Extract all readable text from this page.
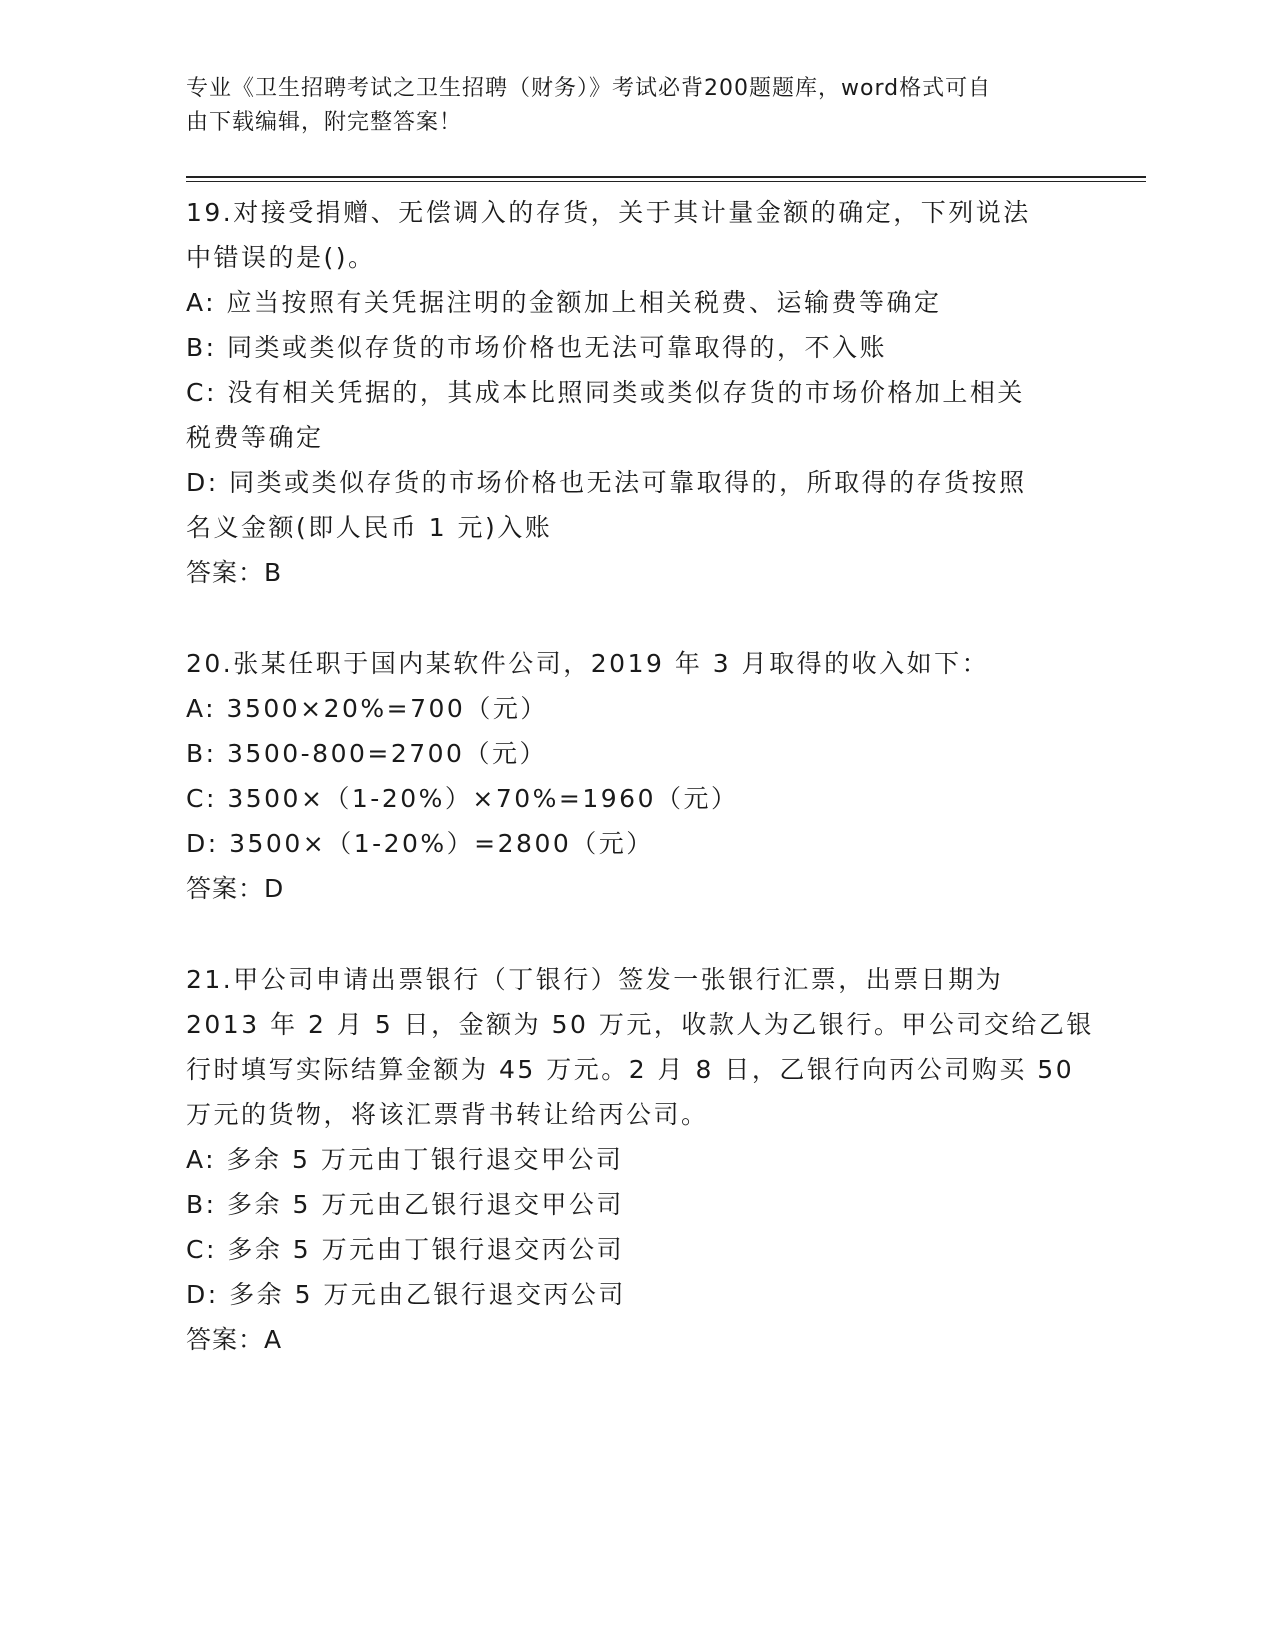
专业《卫生招聘考试之卫生招聘（财务）》考试必背200题题库，word格式可自
由下载编辑，附完整答案！
19.对接受捐赠、无偿调入的存货，关于其计量金额的确定，下列说法
中错误的是()。
A: 应当按照有关凭据注明的金额加上相关税费、运输费等确定
B: 同类或类似存货的市场价格也无法可靠取得的，不入账
C: 没有相关凭据的，其成本比照同类或类似存货的市场价格加上相关
税费等确定
D: 同类或类似存货的市场价格也无法可靠取得的，所取得的存货按照
名义金额(即人民币 1 元)入账
答案：B
20.张某任职于国内某软件公司，2019 年 3 月取得的收入如下：
A: 3500×20%=700（元）
B: 3500-800=2700（元）
C: 3500×（1-20%）×70%=1960（元）
D: 3500×（1-20%）=2800（元）
答案：D
21.甲公司申请出票银行（丁银行）签发一张银行汇票，出票日期为
2013 年 2 月 5 日，金额为 50 万元，收款人为乙银行。甲公司交给乙银
行时填写实际结算金额为 45 万元。2 月 8 日，乙银行向丙公司购买 50
万元的货物，将该汇票背书转让给丙公司。
A: 多余 5 万元由丁银行退交甲公司
B: 多余 5 万元由乙银行退交甲公司
C: 多余 5 万元由丁银行退交丙公司
D: 多余 5 万元由乙银行退交丙公司
答案：A
